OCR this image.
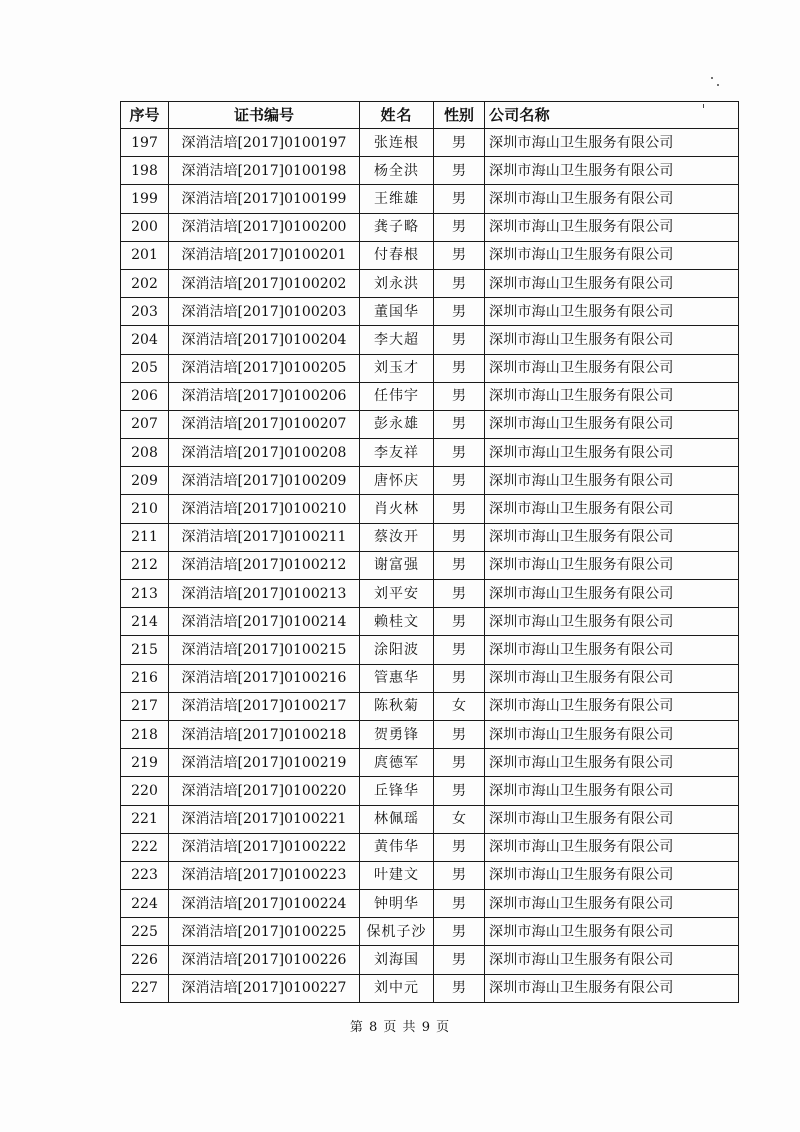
序号	证书编号	姓名	性别	公司名称
197	深消洁培[2017]0100197	张连根	男	深圳市海山卫生服务有限公司
198	深消洁培[2017]0100198	杨全洪	男	深圳市海山卫生服务有限公司
199	深消洁培[2017]0100199	王维雄	男	深圳市海山卫生服务有限公司
200	深消洁培[2017]0100200	龚子略	男	深圳市海山卫生服务有限公司
201	深消洁培[2017]0100201	付春根	男	深圳市海山卫生服务有限公司
202	深消洁培[2017]0100202	刘永洪	男	深圳市海山卫生服务有限公司
203	深消洁培[2017]0100203	董国华	男	深圳市海山卫生服务有限公司
204	深消洁培[2017]0100204	李大超	男	深圳市海山卫生服务有限公司
205	深消洁培[2017]0100205	刘玉才	男	深圳市海山卫生服务有限公司
206	深消洁培[2017]0100206	任伟宇	男	深圳市海山卫生服务有限公司
207	深消洁培[2017]0100207	彭永雄	男	深圳市海山卫生服务有限公司
208	深消洁培[2017]0100208	李友祥	男	深圳市海山卫生服务有限公司
209	深消洁培[2017]0100209	唐怀庆	男	深圳市海山卫生服务有限公司
210	深消洁培[2017]0100210	肖火林	男	深圳市海山卫生服务有限公司
211	深消洁培[2017]0100211	蔡汝开	男	深圳市海山卫生服务有限公司
212	深消洁培[2017]0100212	谢富强	男	深圳市海山卫生服务有限公司
213	深消洁培[2017]0100213	刘平安	男	深圳市海山卫生服务有限公司
214	深消洁培[2017]0100214	赖桂文	男	深圳市海山卫生服务有限公司
215	深消洁培[2017]0100215	涂阳波	男	深圳市海山卫生服务有限公司
216	深消洁培[2017]0100216	管惠华	男	深圳市海山卫生服务有限公司
217	深消洁培[2017]0100217	陈秋菊	女	深圳市海山卫生服务有限公司
218	深消洁培[2017]0100218	贺勇锋	男	深圳市海山卫生服务有限公司
219	深消洁培[2017]0100219	庹德军	男	深圳市海山卫生服务有限公司
220	深消洁培[2017]0100220	丘锋华	男	深圳市海山卫生服务有限公司
221	深消洁培[2017]0100221	林佩瑶	女	深圳市海山卫生服务有限公司
222	深消洁培[2017]0100222	黄伟华	男	深圳市海山卫生服务有限公司
223	深消洁培[2017]0100223	叶建文	男	深圳市海山卫生服务有限公司
224	深消洁培[2017]0100224	钟明华	男	深圳市海山卫生服务有限公司
225	深消洁培[2017]0100225	保机子沙	男	深圳市海山卫生服务有限公司
226	深消洁培[2017]0100226	刘海国	男	深圳市海山卫生服务有限公司
227	深消洁培[2017]0100227	刘中元	男	深圳市海山卫生服务有限公司
第 8 页 共 9 页
